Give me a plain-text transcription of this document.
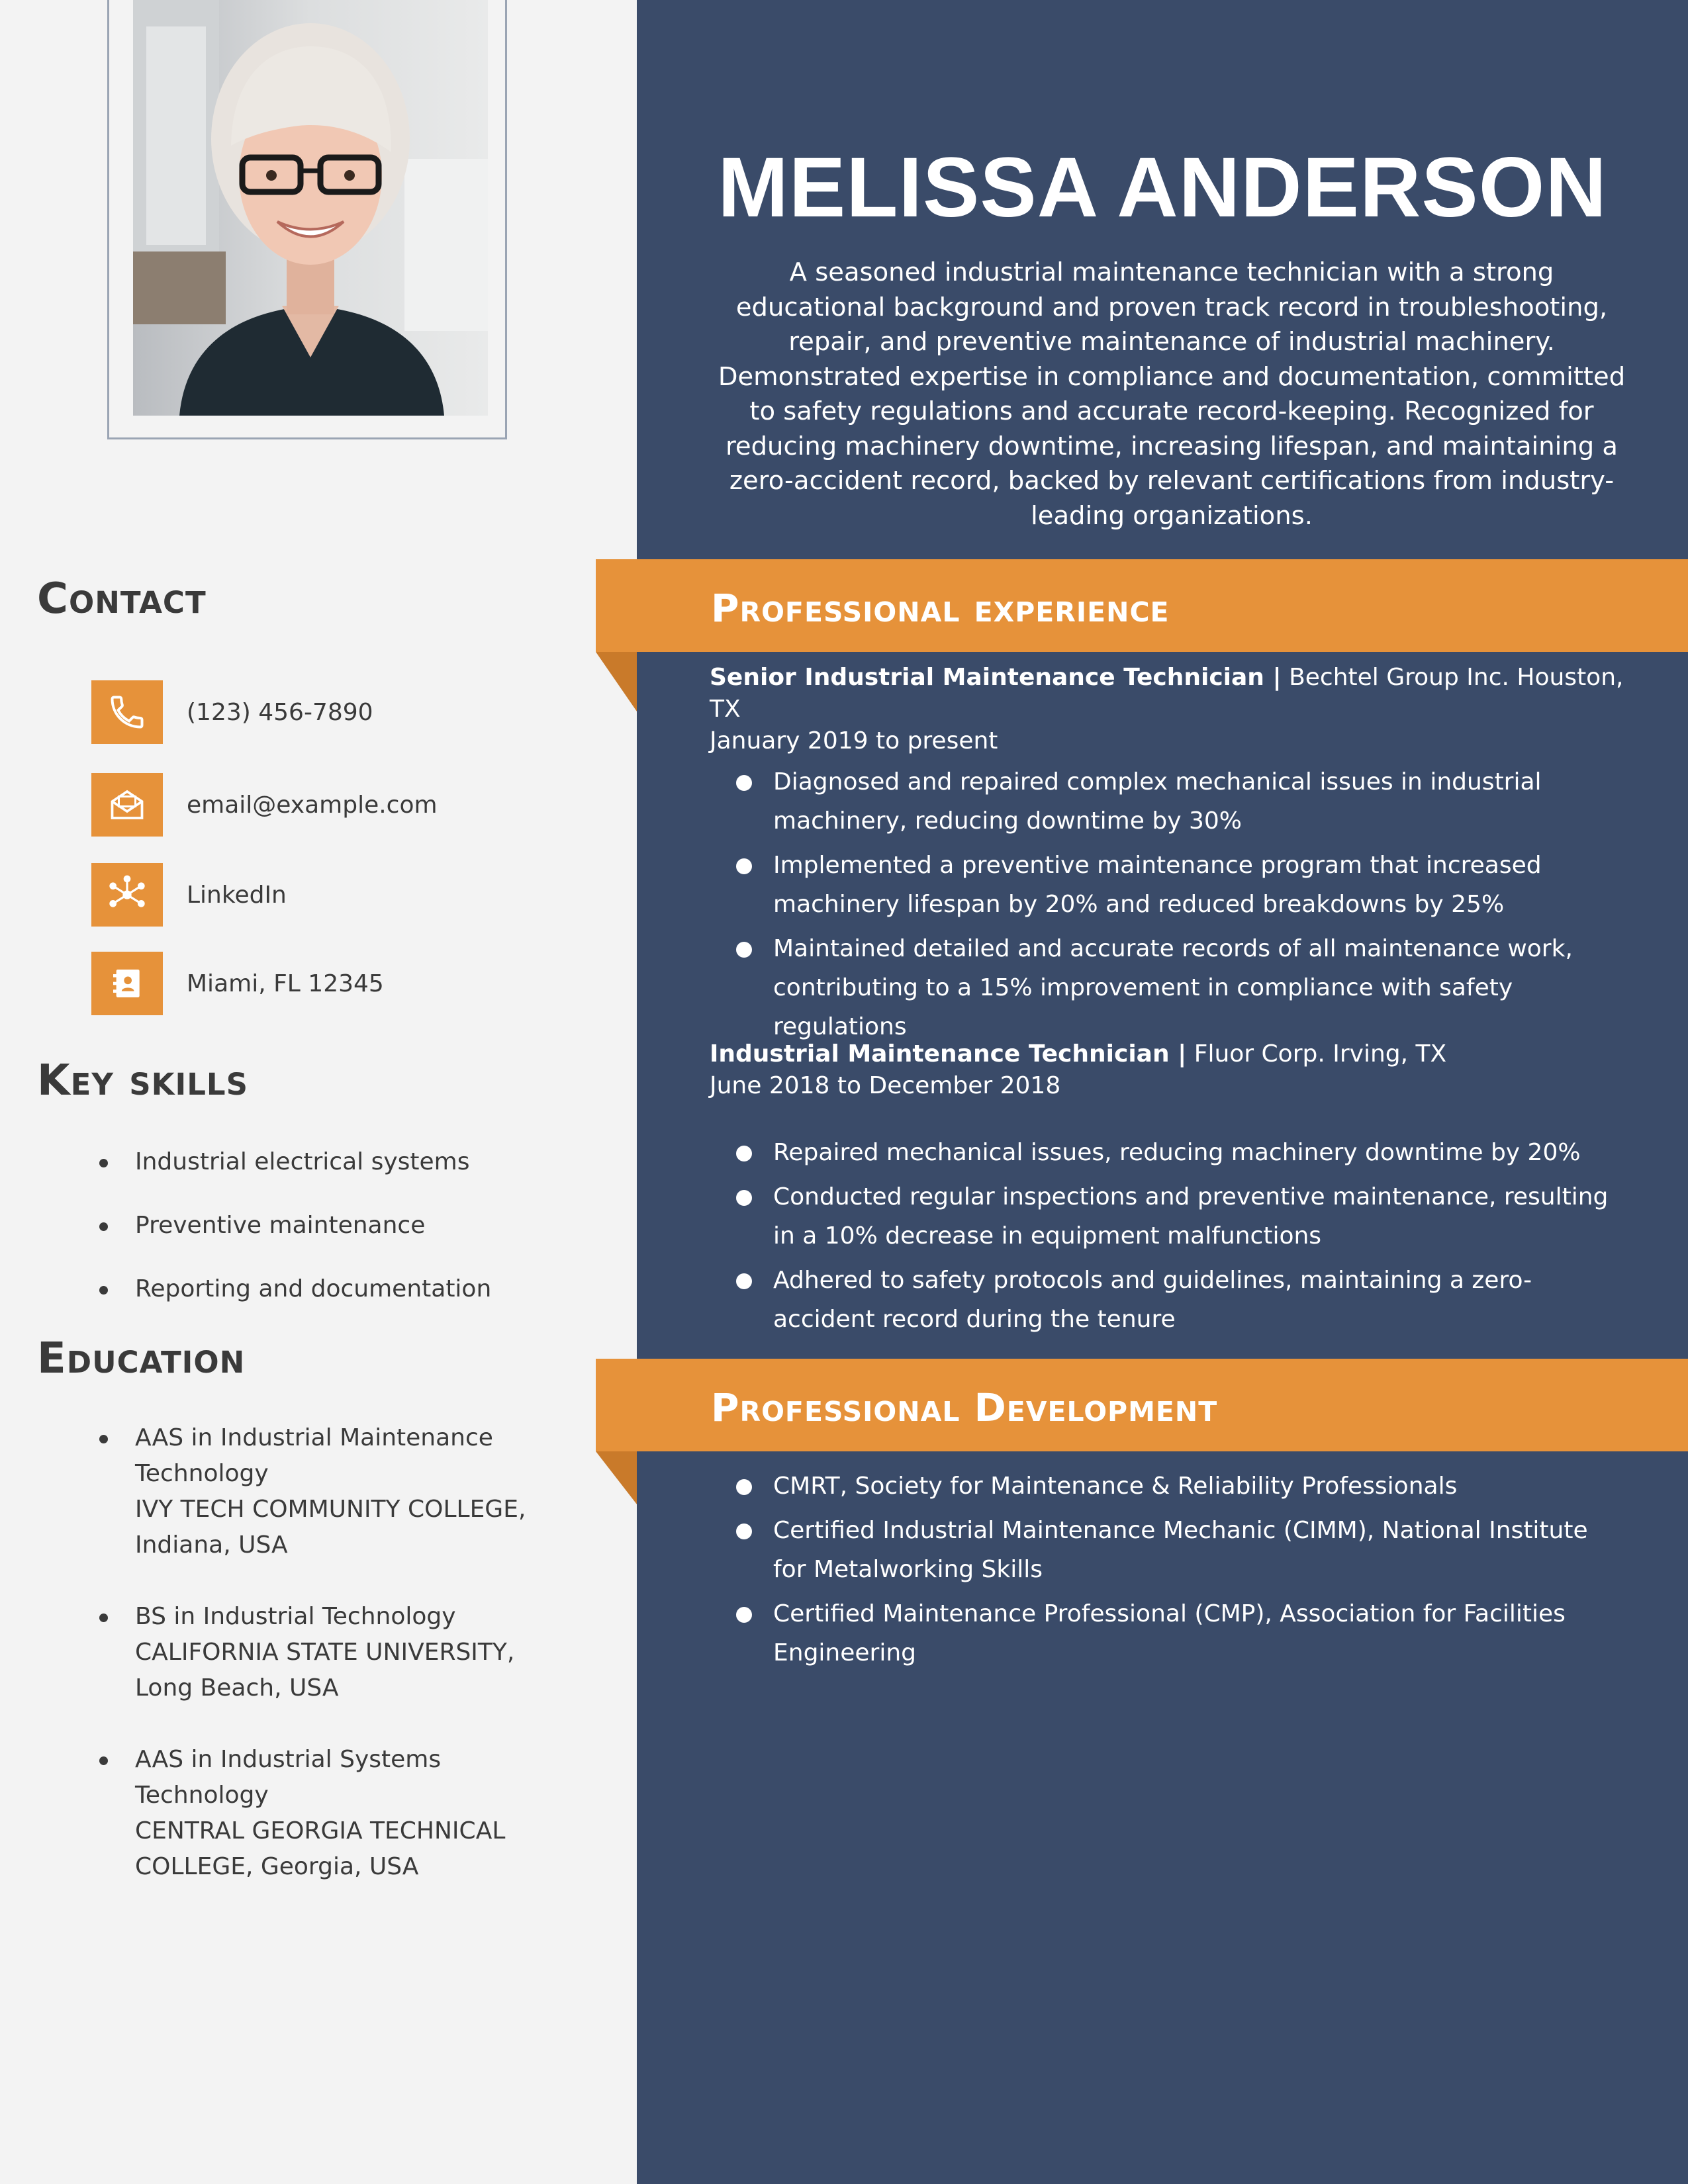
Contact
(123) 456-7890
email@example.com
LinkedIn
Miami, FL 12345
Key skills
Industrial electrical systems
Preventive maintenance
Reporting and documentation
Education
AAS in Industrial Maintenance Technology
IVY TECH COMMUNITY COLLEGE, Indiana, USA
BS in Industrial Technology
CALIFORNIA STATE UNIVERSITY, Long Beach, USA
AAS in Industrial Systems Technology
CENTRAL GEORGIA TECHNICAL COLLEGE, Georgia, USA
MELISSA ANDERSON

A seasoned industrial maintenance technician with a strong educational background and proven track record in troubleshooting, repair, and preventive maintenance of industrial machinery. Demonstrated expertise in compliance and documentation, committed to safety regulations and accurate record-keeping. Recognized for reducing machinery downtime, increasing lifespan, and maintaining a zero-accident record, backed by relevant certifications from industry-leading organizations.

Professional experience
Senior Industrial Maintenance Technician | Bechtel Group Inc. Houston, TX
January 2019 to present
Diagnosed and repaired complex mechanical issues in industrial machinery, reducing downtime by 30%
Implemented a preventive maintenance program that increased machinery lifespan by 20% and reduced breakdowns by 25%
Maintained detailed and accurate records of all maintenance work, contributing to a 15% improvement in compliance with safety regulations
Industrial Maintenance Technician | Fluor Corp. Irving, TX
June 2018 to December 2018
Repaired mechanical issues, reducing machinery downtime by 20%
Conducted regular inspections and preventive maintenance, resulting in a 10% decrease in equipment malfunctions
Adhered to safety protocols and guidelines, maintaining a zero-accident record during the tenure
Professional Development
CMRT, Society for Maintenance & Reliability Professionals
Certified Industrial Maintenance Mechanic (CIMM), National Institute for Metalworking Skills
Certified Maintenance Professional (CMP), Association for Facilities Engineering
